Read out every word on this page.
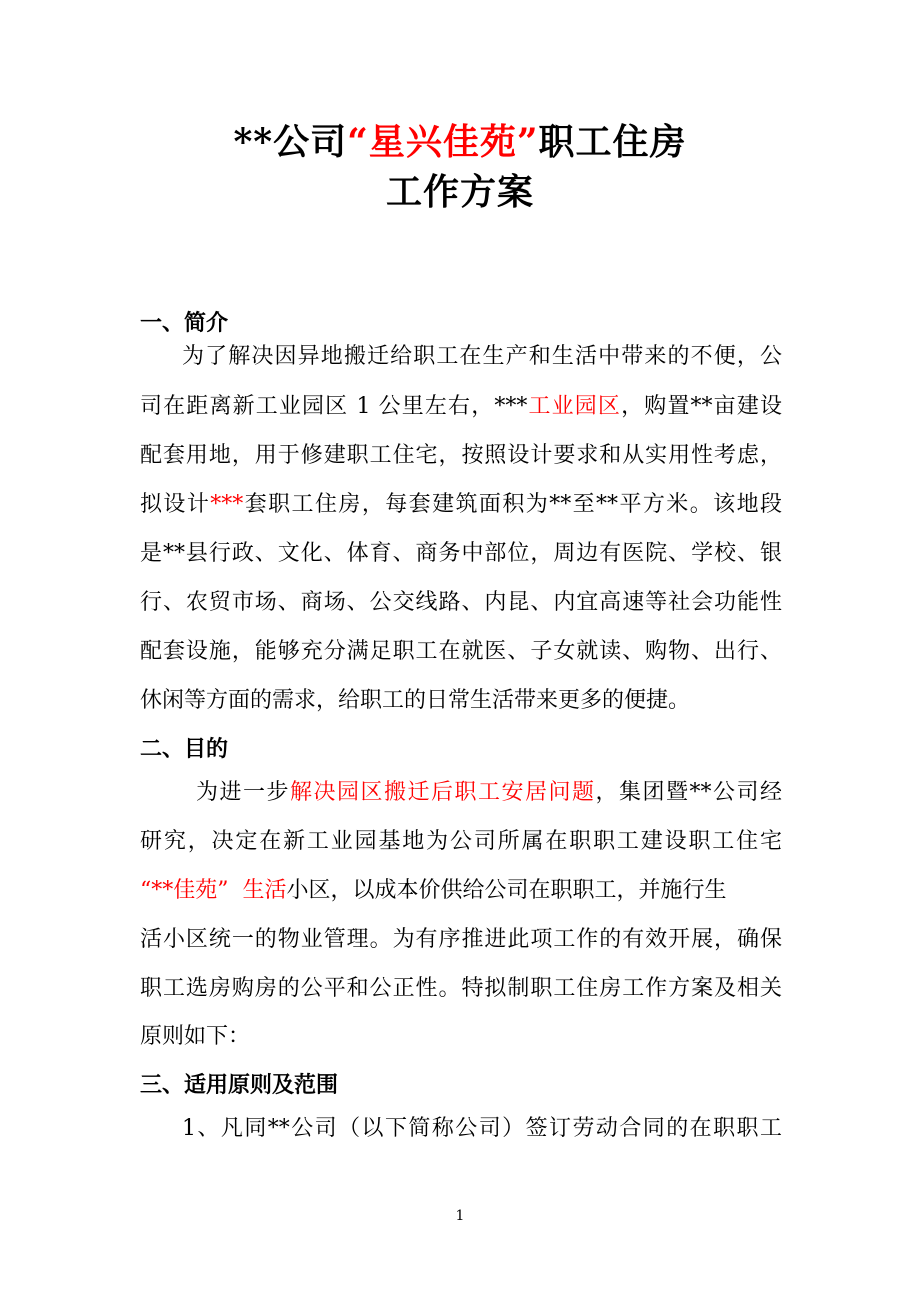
**公司“星兴佳苑”职工住房
工作方案
一、简介
为了解决因异地搬迁给职工在生产和生活中带来的不便，公
司在距离新工业园区 1 公里左右，***工业园区，购置**亩建设
配套用地，用于修建职工住宅，按照设计要求和从实用性考虑，
拟设计***套职工住房，每套建筑面积为**至**平方米。该地段
是**县行政、文化、体育、商务中部位，周边有医院、学校、银
行、农贸市场、商场、公交线路、内昆、内宜高速等社会功能性
配套设施，能够充分满足职工在就医、子女就读、购物、出行、
休闲等方面的需求，给职工的日常生活带来更多的便捷。
二、目的
为进一步解决园区搬迁后职工安居问题，集团暨**公司经
研究，决定在新工业园基地为公司所属在职职工建设职工住宅
“**佳苑”  生活小区，以成本价供给公司在职职工，并施行生
活小区统一的物业管理。为有序推进此项工作的有效开展，确保
职工选房购房的公平和公正性。特拟制职工住房工作方案及相关
原则如下：
三、适用原则及范围
1、凡同**公司（以下简称公司）签订劳动合同的在职职工
1
